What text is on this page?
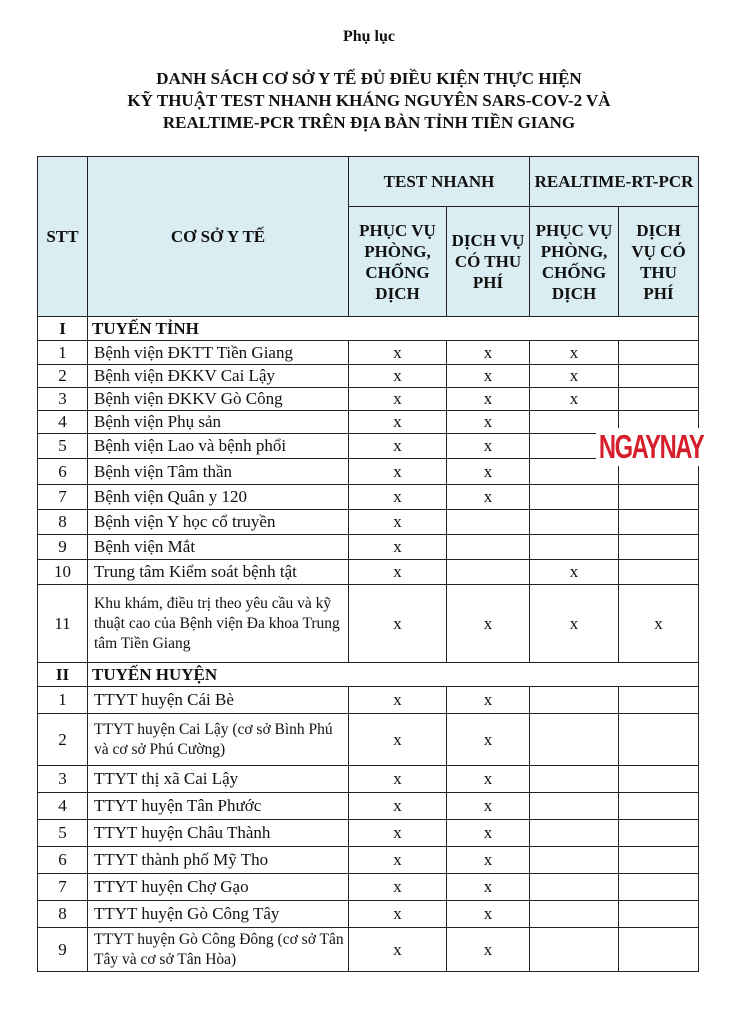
Phụ lục
DANH SÁCH CƠ SỞ Y TẾ ĐỦ ĐIỀU KIỆN THỰC HIỆN
KỸ THUẬT TEST NHANH KHÁNG NGUYÊN SARS-COV-2 VÀ
REALTIME-PCR TRÊN ĐỊA BÀN TỈNH TIỀN GIANG
STT	CƠ SỞ Y TẾ	TEST NHANH		REALTIME-RT-PCR	
		PHỤC VỤ PHÒNG, CHỐNG DỊCH	DỊCH VỤ CÓ THU PHÍ	PHỤC VỤ PHÒNG, CHỐNG DỊCH	DỊCH VỤ CÓ THU PHÍ
I	TUYẾN TỈNH				
1	Bệnh viện ĐKTT Tiền Giang	x	x	x	
2	Bệnh viện ĐKKV Cai Lậy	x	x	x	
3	Bệnh viện ĐKKV Gò Công	x	x	x	
4	Bệnh viện Phụ sản	x	x		
5	Bệnh viện Lao và bệnh phổi	x	x		
6	Bệnh viện Tâm thần	x	x		
7	Bệnh viện Quân y 120	x	x		
8	Bệnh viện Y học cổ truyền	x			
9	Bệnh viện Mắt	x			
10	Trung tâm Kiểm soát bệnh tật	x		x	
11	Khu khám, điều trị theo yêu cầu và kỹ thuật cao của Bệnh viện Đa khoa Trung tâm Tiền Giang	x	x	x	x
II	TUYẾN HUYỆN				
1	TTYT huyện Cái Bè	x	x		
2	TTYT huyện Cai Lậy (cơ sở Bình Phú và cơ sở Phú Cường)	x	x		
3	TTYT thị xã Cai Lậy	x	x		
4	TTYT huyện Tân Phước	x	x		
5	TTYT huyện Châu Thành	x	x		
6	TTYT thành phố Mỹ Tho	x	x		
7	TTYT huyện Chợ Gạo	x	x		
8	TTYT huyện Gò Công Tây	x	x		
9	TTYT huyện Gò Công Đông (cơ sở Tân Tây và cơ sở Tân Hòa)	x	x		
NGAYNAY
